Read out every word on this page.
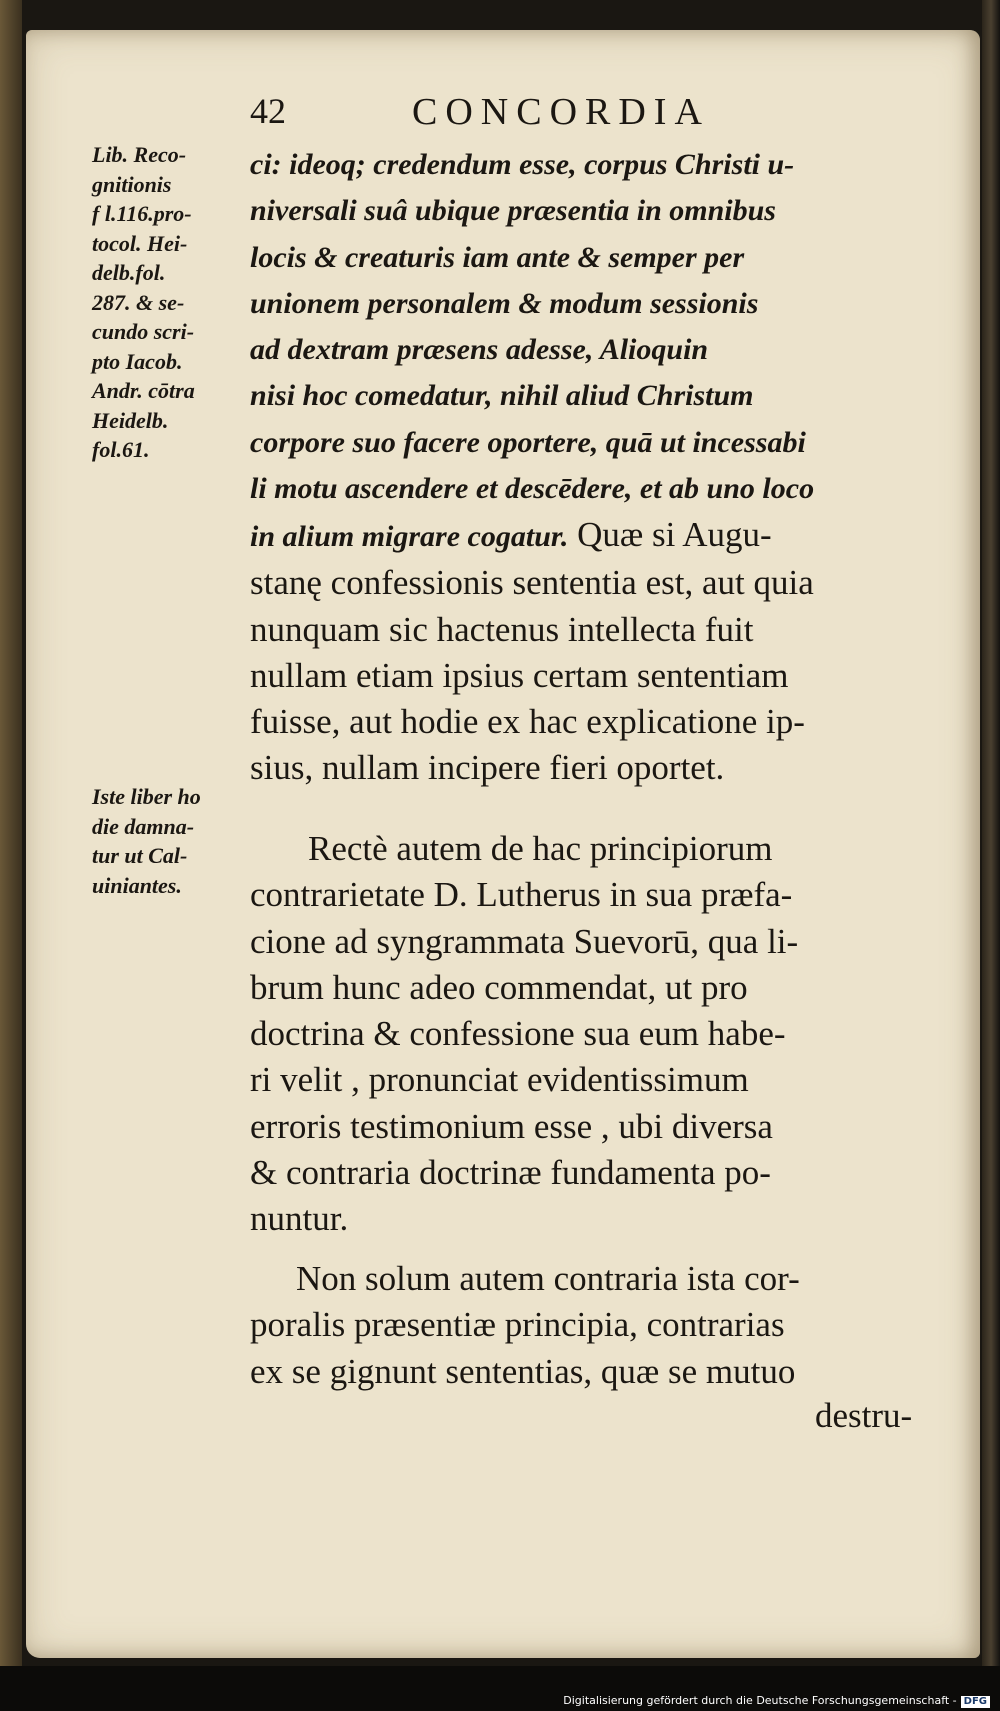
42	CONCORDIA
Lib. Reco-
gnitionis
f l.116.pro-
tocol. Hei-
delb.fol.
287. & se-
cundo scri-
pto Iacob.
Andr. cōtra
Heidelb.
fol.61.
Iste liber ho
die damna-
tur ut Cal-
uiniantes.
ci: ideoq; credendum esse, corpus Christi u-
niversali suâ ubique præsentia in omnibus
locis & creaturis iam ante & semper per
unionem personalem & modum sessionis
ad dextram præsens adesse, Alioquin
nisi hoc comedatur, nihil aliud Christum
corpore suo facere oportere, quā ut incessabi
li motu ascendere et descēdere, et ab uno loco
in alium migrare cogatur. Quæ si Augu-
stanę confessionis sententia est, aut quia
nunquam sic hactenus intellecta fuit
nullam etiam ipsius certam sententiam
fuisse, aut hodie ex hac explicatione ip-
sius, nullam incipere fieri oportet.
Rectè autem de hac principiorum
contrarietate D. Lutherus in sua præfa-
cione ad syngrammata Suevorū, qua li-
brum hunc adeo commendat, ut pro
doctrina & confessione sua eum habe-
ri velit , pronunciat evidentissimum
erroris testimonium esse , ubi diversa
& contraria doctrinæ fundamenta po-
nuntur.
Non solum autem contraria ista cor-
poralis præsentiæ principia, contrarias
ex se gignunt sententias, quæ se mutuo
destru-
Digitalisierung gefördert durch die Deutsche Forschungsgemeinschaft - DFG
